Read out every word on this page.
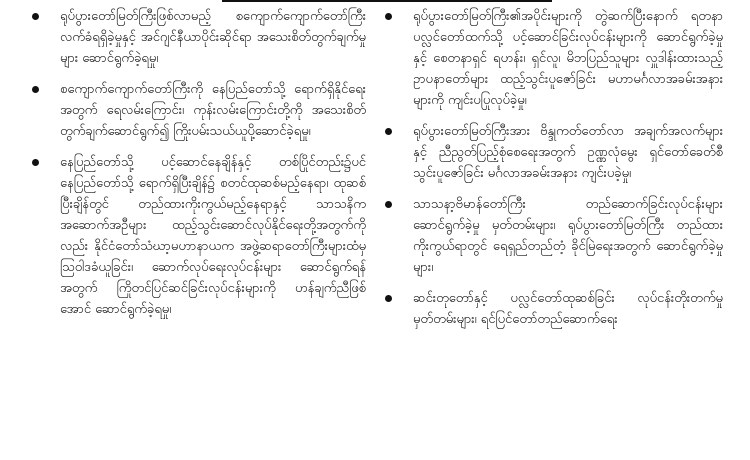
ရုပ်ပွားတော်မြတ်ကြီးဖြစ်လာမည့် စကျောက်ကျောက်တော်ကြီး လက်ခံရရှိခဲ့မှုနှင့် အင်ဂျင်နီယာပိုင်းဆိုင်ရာ အသေးစိတ်တွက်ချက်မှုများ ဆောင်ရွက်ခဲ့ရမှု၊
စကျောက်ကျောက်တော်ကြီးကို နေပြည်တော်သို့ ရောက်ရှိနိုင်ရေးအတွက် ရေလမ်းကြောင်း၊ ကုန်းလမ်းကြောင်းတို့ကို အသေးစိတ်တွက်ချက်ဆောင်ရွက်၍ ကြိုးပမ်းသယ်ယူပို့ဆောင်ခဲ့ရမှု၊
နေပြည်တော်သို့ ပင့်ဆောင်နေချိန်နှင့် တစ်ပြိုင်တည်း၌ပင် နေပြည်တော်သို့ ရောက်ရှိပြီးချိန်၌ စတင်ထုဆစ်မည့်နေရာ၊ ထုဆစ်ပြီးချိန်တွင် တည်ထားကိုးကွယ်မည့်နေရာနှင့် သာသနိကအဆောက်အဦများ ထည့်သွင်းဆောင်လုပ်နိုင်ရေးတို့အတွက်ကိုလည်း နိုင်ငံတော်သံဃာ့မဟာနာယက အဖွဲ့ဆရာတော်ကြီးများထံမှ ဩဝါဒခံယူခြင်း၊ ဆောက်လုပ်ရေးလုပ်ငန်းများ ဆောင်ရွက်ရန်အတွက် ကြိုတင်ပြင်ဆင်ခြင်းလုပ်ငန်းများကို ဟန်ချက်ညီဖြစ်အောင် ဆောင်ရွက်ခဲ့ရမှု၊
ရုပ်ပွားတော်မြတ်ကြီး၏အပိုင်းများကို တွဲဆက်ပြီးနောက် ရတနာပလ္လင်တော်ထက်သို့ ပင့်ဆောင်ခြင်းလုပ်ငန်းများကို ဆောင်ရွက်ခဲ့မှုနှင့် စေတနာရှင် ရဟန်း၊ ရှင်လူ၊ မိဘပြည်သူများ လှူဒါန်းထားသည့် ဥာပနာတော်များ ထည့်သွင်းပူဇော်ခြင်း မဟာမင်္ဂလာအခမ်းအနားများကို ကျင်းပပြုလုပ်ခဲ့မှု၊
ရုပ်ပွားတော်မြတ်ကြီးအား ဗိန္ဒုကတ်တော်လာ အချက်အလက်များနှင့် ညီညွတ်ပြည့်စုံစေရေးအတွက် ဥဏ္ဏလုံမွေး ရှင်တော်ခေတ်စီသွင်းပူဇော်ခြင်း မင်္ဂလာအခမ်းအနား ကျင်းပခဲ့မှု၊
သာသနာ့ဗိမာန်တော်ကြီး တည်ဆောက်ခြင်းလုပ်ငန်းများ ဆောင်ရွက်ခဲ့မှု မှတ်တမ်းများ၊ ရုပ်ပွားတော်မြတ်ကြီး တည်ထားကိုးကွယ်ရာတွင် ရေရှည်တည်တံ့ ခိုင်မြဲရေးအတွက် ဆောင်ရွက်ခဲ့မှုများ၊
ဆင်းတုတော်နှင့် ပလ္လင်တော်ထုဆစ်ခြင်း လုပ်ငန်းတိုးတက်မှုမှတ်တမ်းများ၊ ရင်ပြင်တော်တည်ဆောက်ရေး
